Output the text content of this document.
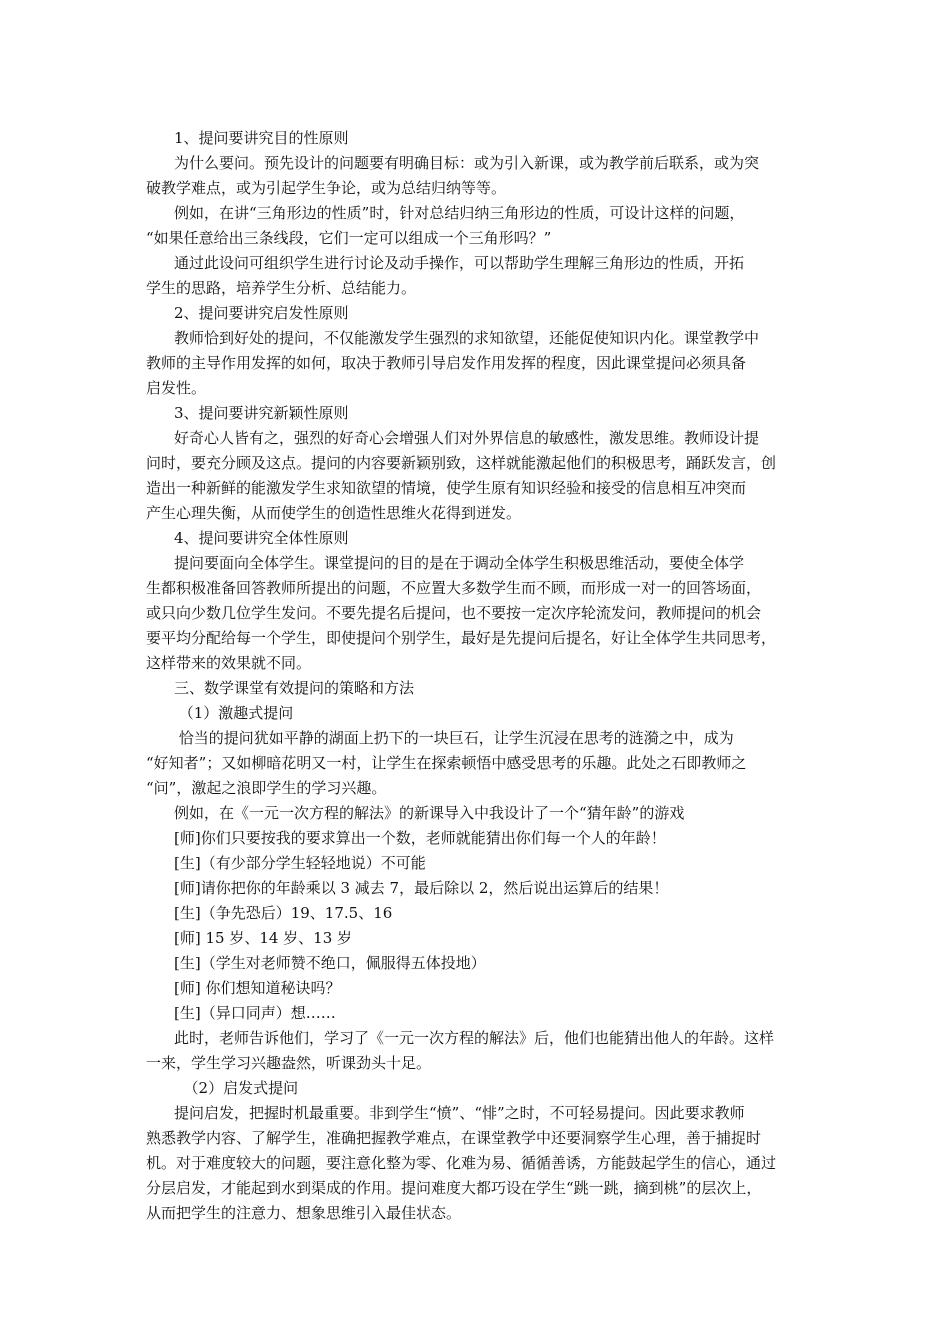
1、提问要讲究目的性原则
为什么要问。预先设计的问题要有明确目标：或为引入新课，或为教学前后联系，或为突
破教学难点，或为引起学生争论，或为总结归纳等等。
例如，在讲“三角形边的性质”时，针对总结归纳三角形边的性质，可设计这样的问题，
“如果任意给出三条线段，它们一定可以组成一个三角形吗？”
通过此设问可组织学生进行讨论及动手操作，可以帮助学生理解三角形边的性质，开拓
学生的思路，培养学生分析、总结能力。
2、提问要讲究启发性原则
教师恰到好处的提问，不仅能激发学生强烈的求知欲望，还能促使知识内化。课堂教学中
教师的主导作用发挥的如何，取决于教师引导启发作用发挥的程度，因此课堂提问必须具备
启发性。
3、提问要讲究新颖性原则
好奇心人皆有之，强烈的好奇心会增强人们对外界信息的敏感性，激发思维。教师设计提
问时，要充分顾及这点。提问的内容要新颖别致，这样就能激起他们的积极思考，踊跃发言，创
造出一种新鲜的能激发学生求知欲望的情境，使学生原有知识经验和接受的信息相互冲突而
产生心理失衡，从而使学生的创造性思维火花得到迸发。
4、提问要讲究全体性原则
提问要面向全体学生。课堂提问的目的是在于调动全体学生积极思维活动，要使全体学
生都积极准备回答教师所提出的问题，不应置大多数学生而不顾，而形成一对一的回答场面，
或只向少数几位学生发问。不要先提名后提问，也不要按一定次序轮流发问，教师提问的机会
要平均分配给每一个学生，即使提问个别学生，最好是先提问后提名，好让全体学生共同思考，
这样带来的效果就不同。
三、数学课堂有效提问的策略和方法
（1）激趣式提问
恰当的提问犹如平静的湖面上扔下的一块巨石，让学生沉浸在思考的涟漪之中，成为
“好知者”；又如柳暗花明又一村，让学生在探索顿悟中感受思考的乐趣。此处之石即教师之
“问”，激起之浪即学生的学习兴趣。
例如，在《一元一次方程的解法》的新课导入中我设计了一个“猜年龄”的游戏
[师]你们只要按我的要求算出一个数，老师就能猜出你们每一个人的年龄！
[生]（有少部分学生轻轻地说）不可能
[师]请你把你的年龄乘以 3 减去 7，最后除以 2，然后说出运算后的结果！
[生]（争先恐后）19、17.5、16
[师] 15 岁、14 岁、13 岁
[生]（学生对老师赞不绝口，佩服得五体投地）
[师] 你们想知道秘诀吗？
[生]（异口同声）想……
此时，老师告诉他们，学习了《一元一次方程的解法》后，他们也能猜出他人的年龄。这样
一来，学生学习兴趣盎然，听课劲头十足。
（2）启发式提问
提问启发，把握时机最重要。非到学生“愤”、“悱”之时，不可轻易提问。因此要求教师
熟悉教学内容、了解学生，准确把握教学难点，在课堂教学中还要洞察学生心理，善于捕捉时
机。对于难度较大的问题，要注意化整为零、化难为易、循循善诱，方能鼓起学生的信心，通过
分层启发，才能起到水到渠成的作用。提问难度大都巧设在学生“跳一跳，摘到桃”的层次上，
从而把学生的注意力、想象思维引入最佳状态。
